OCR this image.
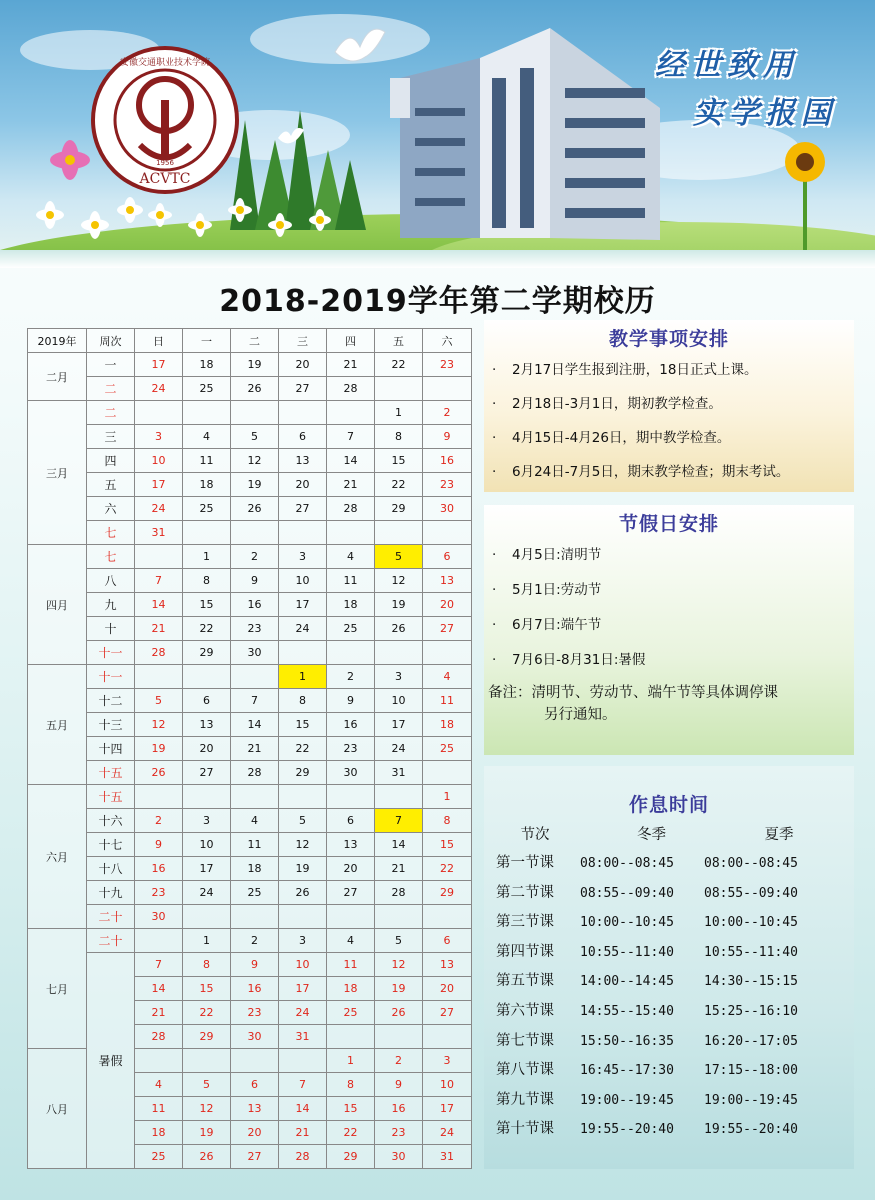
ACVTC
1956
安徽交通职业技术学院	经世致用
实学报国
2018-2019学年第二学期校历
2019年	周次	日	一	二	三	四	五	六
二月	一	17	18	19	20	21	22	23
	二	24	25	26	27	28		
三月	二						1	2
	三	3	4	5	6	7	8	9
	四	10	11	12	13	14	15	16
	五	17	18	19	20	21	22	23
	六	24	25	26	27	28	29	30
	七	31						
四月	七		1	2	3	4	5	6
	八	7	8	9	10	11	12	13
	九	14	15	16	17	18	19	20
	十	21	22	23	24	25	26	27
	十一	28	29	30				
五月	十一				1	2	3	4
	十二	5	6	7	8	9	10	11
	十三	12	13	14	15	16	17	18
	十四	19	20	21	22	23	24	25
	十五	26	27	28	29	30	31	
六月	十五							1
	十六	2	3	4	5	6	7	8
	十七	9	10	11	12	13	14	15
	十八	16	17	18	19	20	21	22
	十九	23	24	25	26	27	28	29
	二十	30						
七月	二十		1	2	3	4	5	6
	暑假	7	8	9	10	11	12	13
		14	15	16	17	18	19	20
		21	22	23	24	25	26	27
		28	29	30	31			
八月						1	2	3
		4	5	6	7	8	9	10
		11	12	13	14	15	16	17
		18	19	20	21	22	23	24
		25	26	27	28	29	30	31
教学事项安排
· 2月17日学生报到注册，18日正式上课。
· 2月18日-3月1日，期初教学检查。
· 4月15日-4月26日，期中教学检查。
· 6月24日-7月5日，期末教学检查；期末考试。
节假日安排
· 4月5日:清明节
· 5月1日:劳动节
· 6月7日:端午节
· 7月6日-8月31日:暑假
备注：清明节、劳动节、端午节等具体调停课
另行通知。
作息时间
节次	冬季	夏季
第一节课	08:00--08:45	08:00--08:45
第二节课	08:55--09:40	08:55--09:40
第三节课	10:00--10:45	10:00--10:45
第四节课	10:55--11:40	10:55--11:40
第五节课	14:00--14:45	14:30--15:15
第六节课	14:55--15:40	15:25--16:10
第七节课	15:50--16:35	16:20--17:05
第八节课	16:45--17:30	17:15--18:00
第九节课	19:00--19:45	19:00--19:45
第十节课	19:55--20:40	19:55--20:40
